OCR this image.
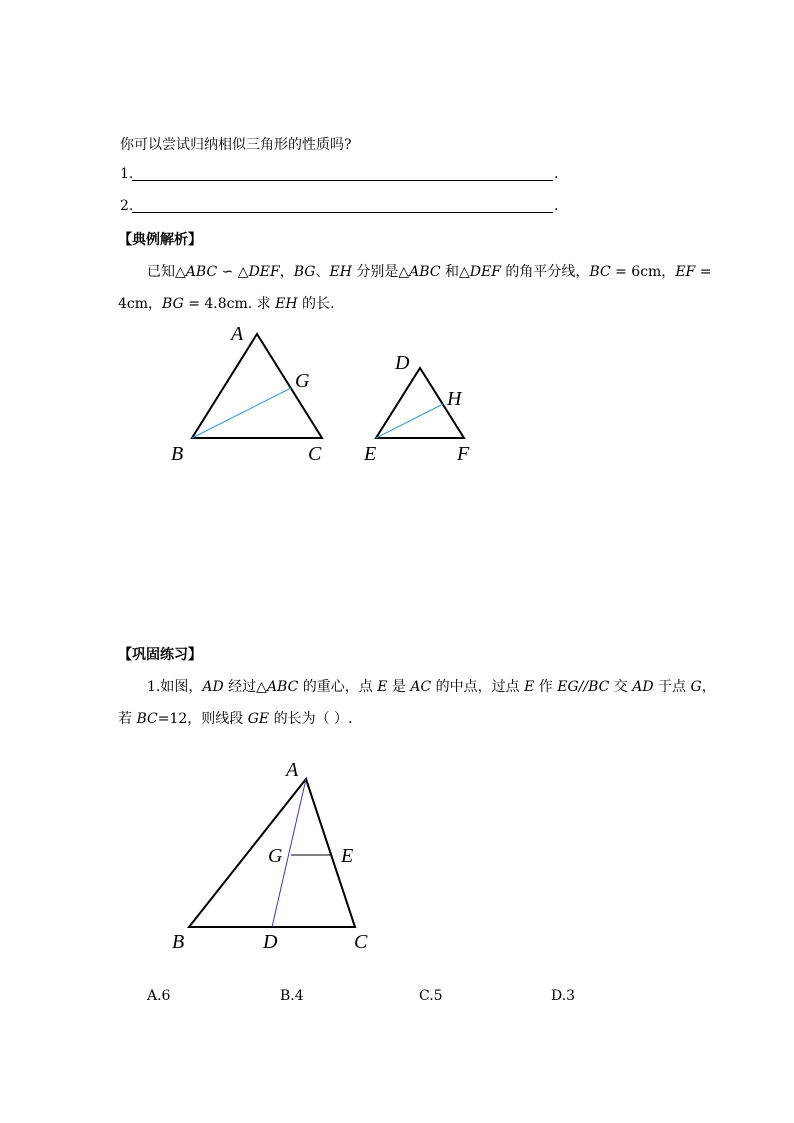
你可以尝试归纳相似三角形的性质吗?
1.	.
2.	.
【典例解析】
已知△ABC ∽ △DEF，BG、EH 分别是△ABC 和△DEF 的角平分线，BC = 6cm，EF =
4cm，BG = 4.8cm. 求 EH 的长.
A
G
B	C
D
H
E	F
【巩固练习】
1.如图，AD 经过△ABC 的重心，点 E 是 AC 的中点，过点 E 作 EG//BC 交 AD 于点 G，
若 BC=12，则线段 GE 的长为（ ）.
A
G	E
B	D	C
A.6	B.4	C.5	D.3
